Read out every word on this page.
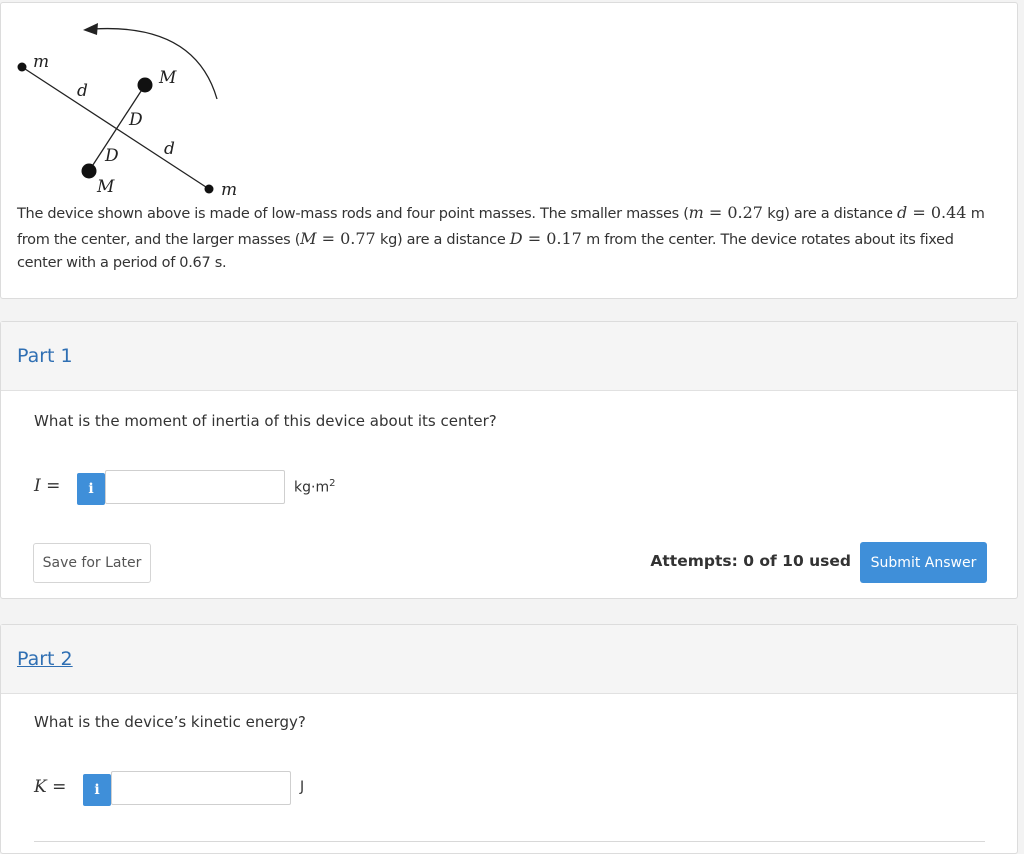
m
d
M
D
D	d
M	m
The device shown above is made of low-mass rods and four point masses. The smaller masses (m = 0.27 kg) are a distance d = 0.44 m from the center, and the larger masses (M = 0.77 kg) are a distance D = 0.17 m from the center. The device rotates about its fixed center with a period of 0.67 s.
Part 1
What is the moment of inertia of this device about its center?
I =	i	$kg\cdot m^2$
Save for Later	Attempts: 0 of 10 used	Submit Answer
Part 2
What is the device’s kinetic energy?
K =	i	J
